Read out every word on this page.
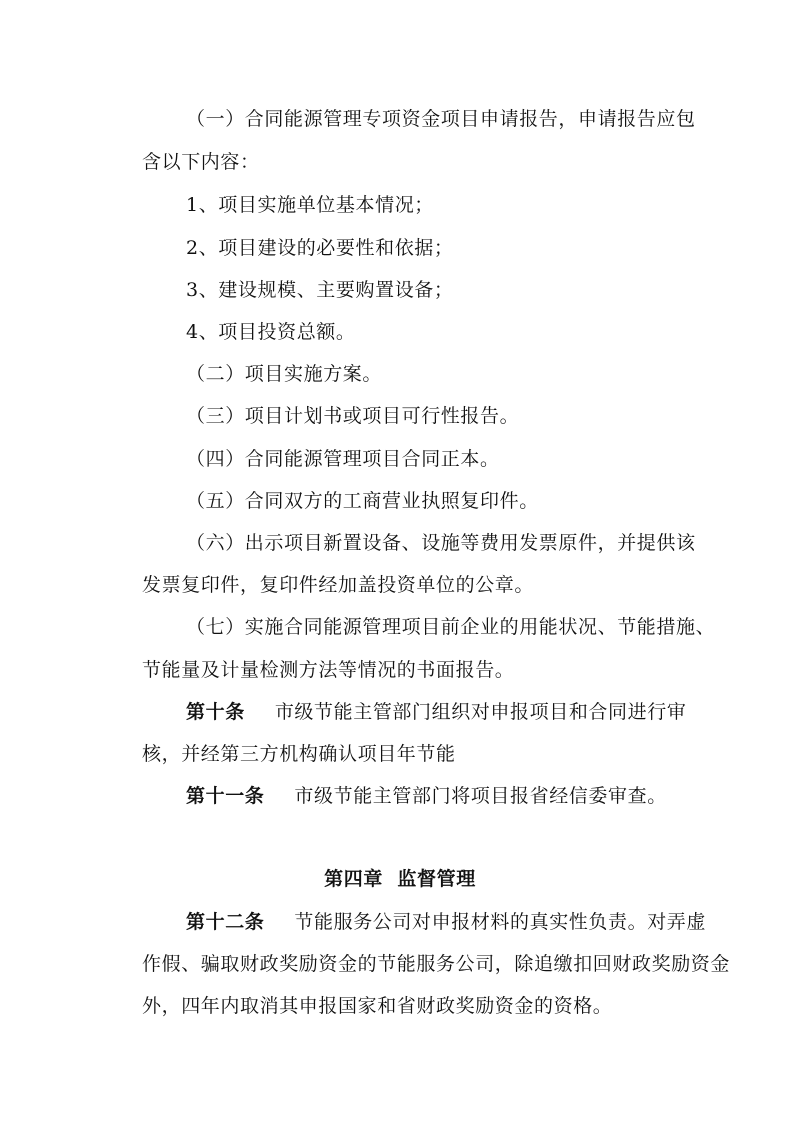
（一）合同能源管理专项资金项目申请报告，申请报告应包
含以下内容：
1、项目实施单位基本情况；
2、项目建设的必要性和依据；
3、建设规模、主要购置设备；
4、项目投资总额。
（二）项目实施方案。
（三）项目计划书或项目可行性报告。
（四）合同能源管理项目合同正本。
（五）合同双方的工商营业执照复印件。
（六）出示项目新置设备、设施等费用发票原件，并提供该
发票复印件，复印件经加盖投资单位的公章。
（七）实施合同能源管理项目前企业的用能状况、节能措施、
节能量及计量检测方法等情况的书面报告。
第十条 市级节能主管部门组织对申报项目和合同进行审
核，并经第三方机构确认项目年节能
第十一条 市级节能主管部门将项目报省经信委审查。
第四章  监督管理
第十二条 节能服务公司对申报材料的真实性负责。对弄虚
作假、骗取财政奖励资金的节能服务公司，除追缴扣回财政奖励资金
外，四年内取消其申报国家和省财政奖励资金的资格。
